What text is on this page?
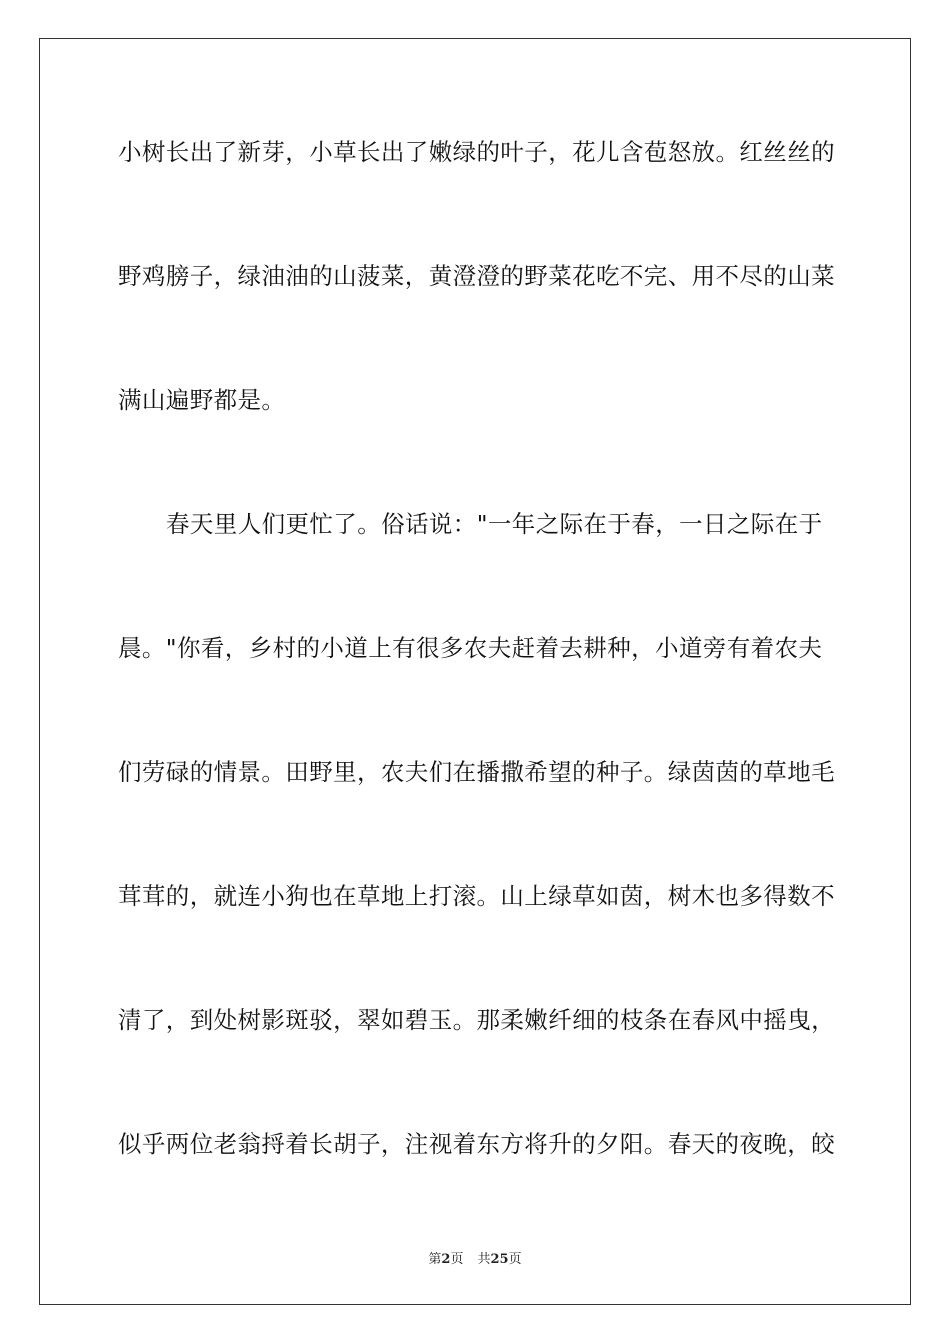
小树长出了新芽，小草长出了嫩绿的叶子，花儿含苞怒放。红丝丝的
野鸡膀子，绿油油的山菠菜，黄澄澄的野菜花吃不完、用不尽的山菜
满山遍野都是。
春天里人们更忙了。俗话说："一年之际在于春，一日之际在于
晨。"你看，乡村的小道上有很多农夫赶着去耕种，小道旁有着农夫
们劳碌的情景。田野里，农夫们在播撒希望的种子。绿茵茵的草地毛
茸茸的，就连小狗也在草地上打滚。山上绿草如茵，树木也多得数不
清了，到处树影斑驳，翠如碧玉。那柔嫩纤细的枝条在春风中摇曳，
似乎两位老翁捋着长胡子，注视着东方将升的夕阳。春天的夜晚，皎
第2页 共25页
